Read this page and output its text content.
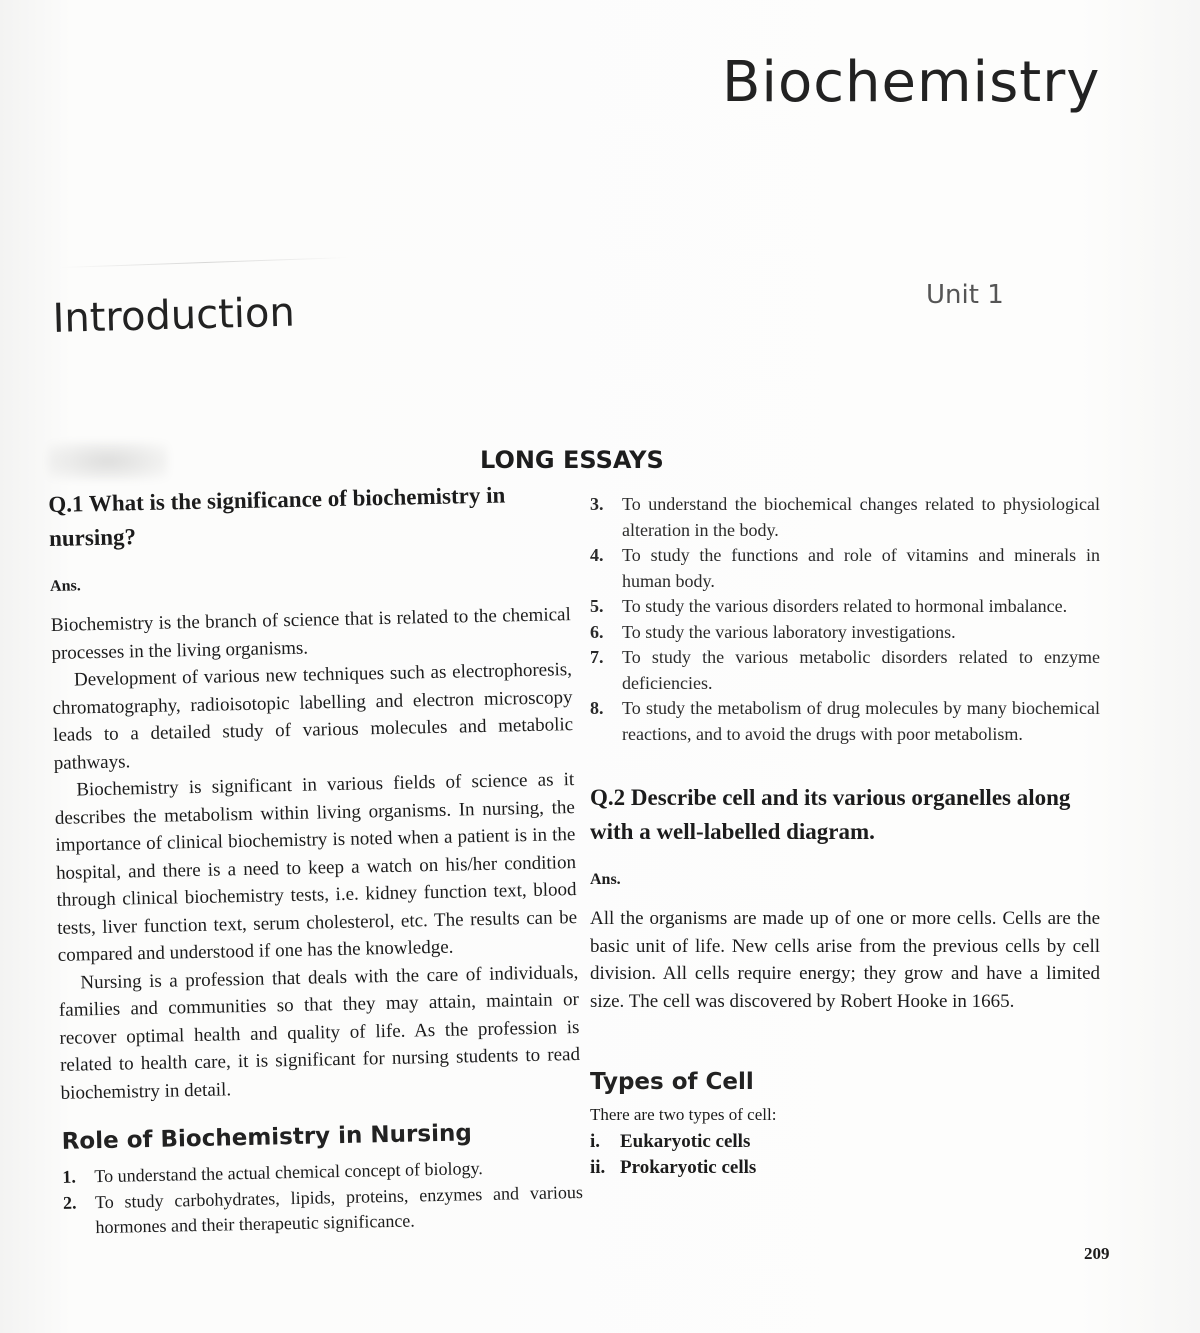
Biochemistry
Unit 1
Introduction
LONG ESSAYS

Q.1 What is the significance of biochemistry in nursing?

Ans.

Biochemistry is the branch of science that is related to the chemical processes in the living organisms.

Development of various new techniques such as electrophoresis, chromatography, radioisotopic labelling and electron microscopy leads to a detailed study of various molecules and metabolic pathways.

Biochemistry is significant in various fields of science as it describes the metabolism within living organisms. In nursing, the importance of clinical biochemistry is noted when a patient is in the hospital, and there is a need to keep a watch on his/her condition through clinical biochemistry tests, i.e. kidney function text, blood tests, liver function text, serum cholesterol, etc. The results can be compared and understood if one has the knowledge.

Nursing is a profession that deals with the care of individuals, families and communities so that they may attain, maintain or recover optimal health and quality of life. As the profession is related to health care, it is significant for nursing students to read biochemistry in detail.

Role of Biochemistry in Nursing
1.	To understand the actual chemical concept of biology.
2.	To study carbohydrates, lipids, proteins, enzymes and various hormones and their therapeutic significance.
3.	To understand the biochemical changes related to physiological alteration in the body.
4.	To study the functions and role of vitamins and minerals in human body.
5.	To study the various disorders related to hormonal imbalance.
6.	To study the various laboratory investigations.
7.	To study the various metabolic disorders related to enzyme deficiencies.
8.	To study the metabolism of drug molecules by many biochemical reactions, and to avoid the drugs with poor metabolism.

Q.2 Describe cell and its various organelles along with a well-labelled diagram.

Ans.

All the organisms are made up of one or more cells. Cells are the basic unit of life. New cells arise from the previous cells by cell division. All cells require energy; they grow and have a limited size. The cell was discovered by Robert Hooke in 1665.

Types of Cell

There are two types of cell:

i. Eukaryotic cells
ii. Prokaryotic cells
209
